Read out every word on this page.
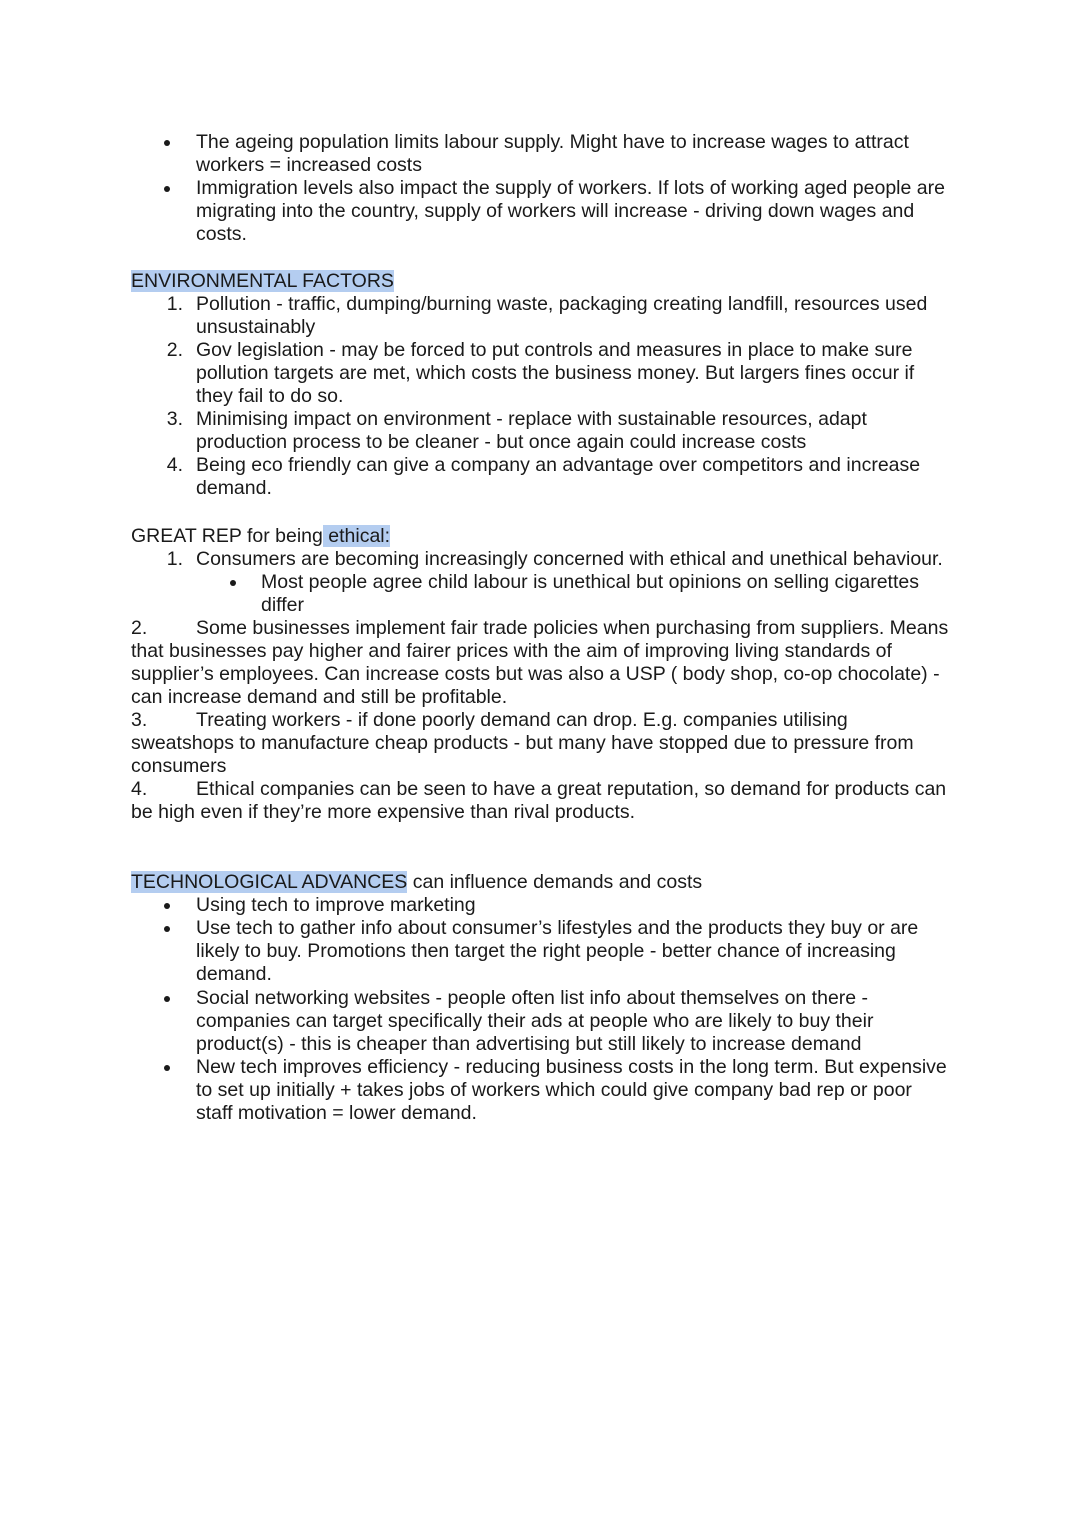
The ageing population limits labour supply. Might have to increase wages to attract workers = increased costs
Immigration levels also impact the supply of workers. If lots of working aged people are migrating into the country, supply of workers will increase - driving down wages and costs.
ENVIRONMENTAL FACTORS
1. Pollution - traffic, dumping/burning waste, packaging creating landfill, resources used unsustainably
2. Gov legislation - may be forced to put controls and measures in place to make sure pollution targets are met, which costs the business money. But largers fines occur if they fail to do so.
3. Minimising impact on environment - replace with sustainable resources, adapt production process to be cleaner - but once again could increase costs
4. Being eco friendly can give a company an advantage over competitors and increase demand.
GREAT REP for being ethical:
1. Consumers are becoming increasingly concerned with ethical and unethical behaviour.
Most people agree child labour is unethical but opinions on selling cigarettes differ
2. Some businesses implement fair trade policies when purchasing from suppliers. Means that businesses pay higher and fairer prices with the aim of improving living standards of supplier’s employees. Can increase costs but was also a USP ( body shop, co-op chocolate) - can increase demand and still be profitable.
3. Treating workers - if done poorly demand can drop. E.g. companies utilising sweatshops to manufacture cheap products - but many have stopped due to pressure from consumers
4. Ethical companies can be seen to have a great reputation, so demand for products can be high even if they’re more expensive than rival products.
TECHNOLOGICAL ADVANCES can influence demands and costs
Using tech to improve marketing
Use tech to gather info about consumer’s lifestyles and the products they buy or are likely to buy. Promotions then target the right people - better chance of increasing demand.
Social networking websites - people often list info about themselves on there - companies can target specifically their ads at people who are likely to buy their product(s) - this is cheaper than advertising but still likely to increase demand
New tech improves efficiency - reducing business costs in the long term. But expensive to set up initially + takes jobs of workers which could give company bad rep or poor staff motivation = lower demand.
